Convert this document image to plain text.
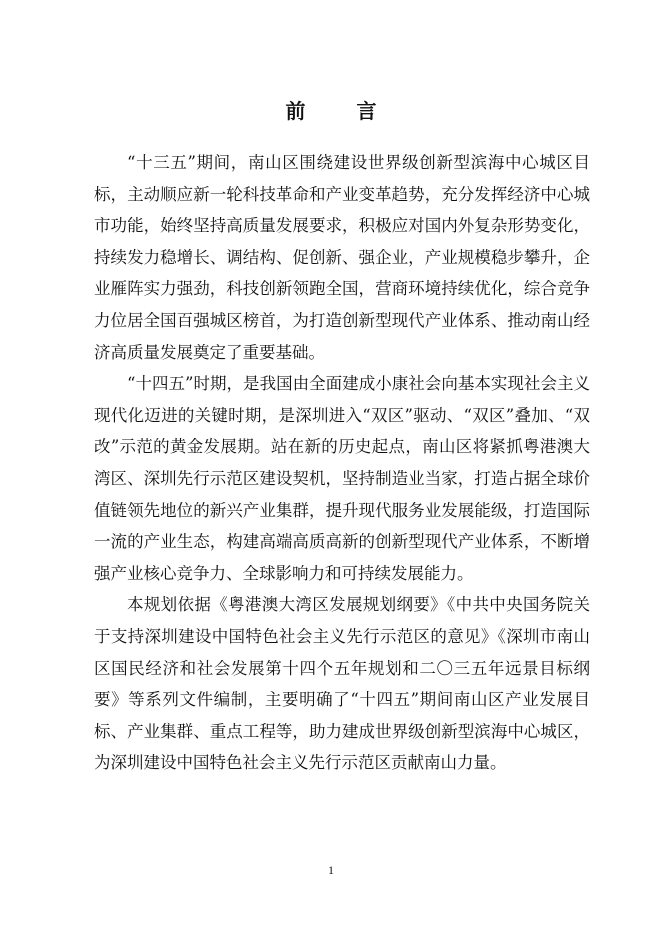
前 言

“十三五”期间，南山区围绕建设世界级创新型滨海中心城区目标，主动顺应新一轮科技革命和产业变革趋势，充分发挥经济中心城市功能，始终坚持高质量发展要求，积极应对国内外复杂形势变化，持续发力稳增长、调结构、促创新、强企业，产业规模稳步攀升，企业雁阵实力强劲，科技创新领跑全国，营商环境持续优化，综合竞争力位居全国百强城区榜首，为打造创新型现代产业体系、推动南山经济高质量发展奠定了重要基础。

“十四五”时期，是我国由全面建成小康社会向基本实现社会主义现代化迈进的关键时期，是深圳进入“双区”驱动、“双区”叠加、“双改”示范的黄金发展期。站在新的历史起点，南山区将紧抓粤港澳大湾区、深圳先行示范区建设契机，坚持制造业当家，打造占据全球价值链领先地位的新兴产业集群，提升现代服务业发展能级，打造国际一流的产业生态，构建高端高质高新的创新型现代产业体系，不断增强产业核心竞争力、全球影响力和可持续发展能力。

本规划依据《粤港澳大湾区发展规划纲要》《中共中央国务院关于支持深圳建设中国特色社会主义先行示范区的意见》《深圳市南山区国民经济和社会发展第十四个五年规划和二〇三五年远景目标纲要》等系列文件编制，主要明确了“十四五”期间南山区产业发展目标、产业集群、重点工程等，助力建成世界级创新型滨海中心城区，为深圳建设中国特色社会主义先行示范区贡献南山力量。

1
